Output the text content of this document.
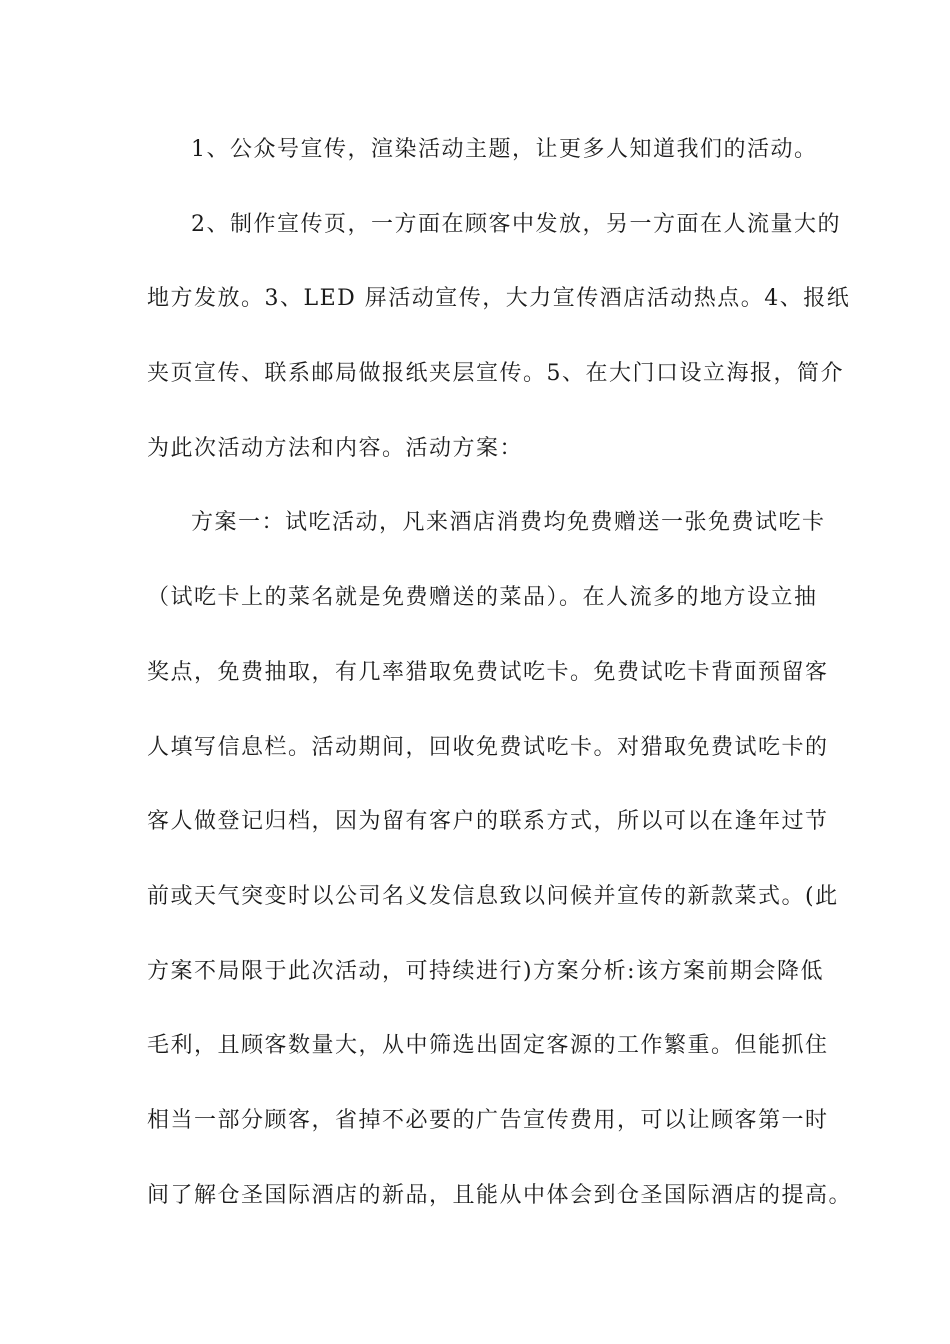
1、公众号宣传，渲染活动主题，让更多人知道我们的活动。
2、制作宣传页，一方面在顾客中发放，另一方面在人流量大的
地方发放。3、LED 屏活动宣传，大力宣传酒店活动热点。4、报纸
夹页宣传、联系邮局做报纸夹层宣传。5、在大门口设立海报，简介
为此次活动方法和内容。活动方案：
方案一：试吃活动，凡来酒店消费均免费赠送一张免费试吃卡
（试吃卡上的菜名就是免费赠送的菜品）。在人流多的地方设立抽
奖点，免费抽取，有几率猎取免费试吃卡。免费试吃卡背面预留客
人填写信息栏。活动期间，回收免费试吃卡。对猎取免费试吃卡的
客人做登记归档，因为留有客户的联系方式，所以可以在逢年过节
前或天气突变时以公司名义发信息致以问候并宣传的新款菜式。(此
方案不局限于此次活动，可持续进行)方案分析:该方案前期会降低
毛利，且顾客数量大，从中筛选出固定客源的工作繁重。但能抓住
相当一部分顾客，省掉不必要的广告宣传费用，可以让顾客第一时
间了解仓圣国际酒店的新品，且能从中体会到仓圣国际酒店的提高。
